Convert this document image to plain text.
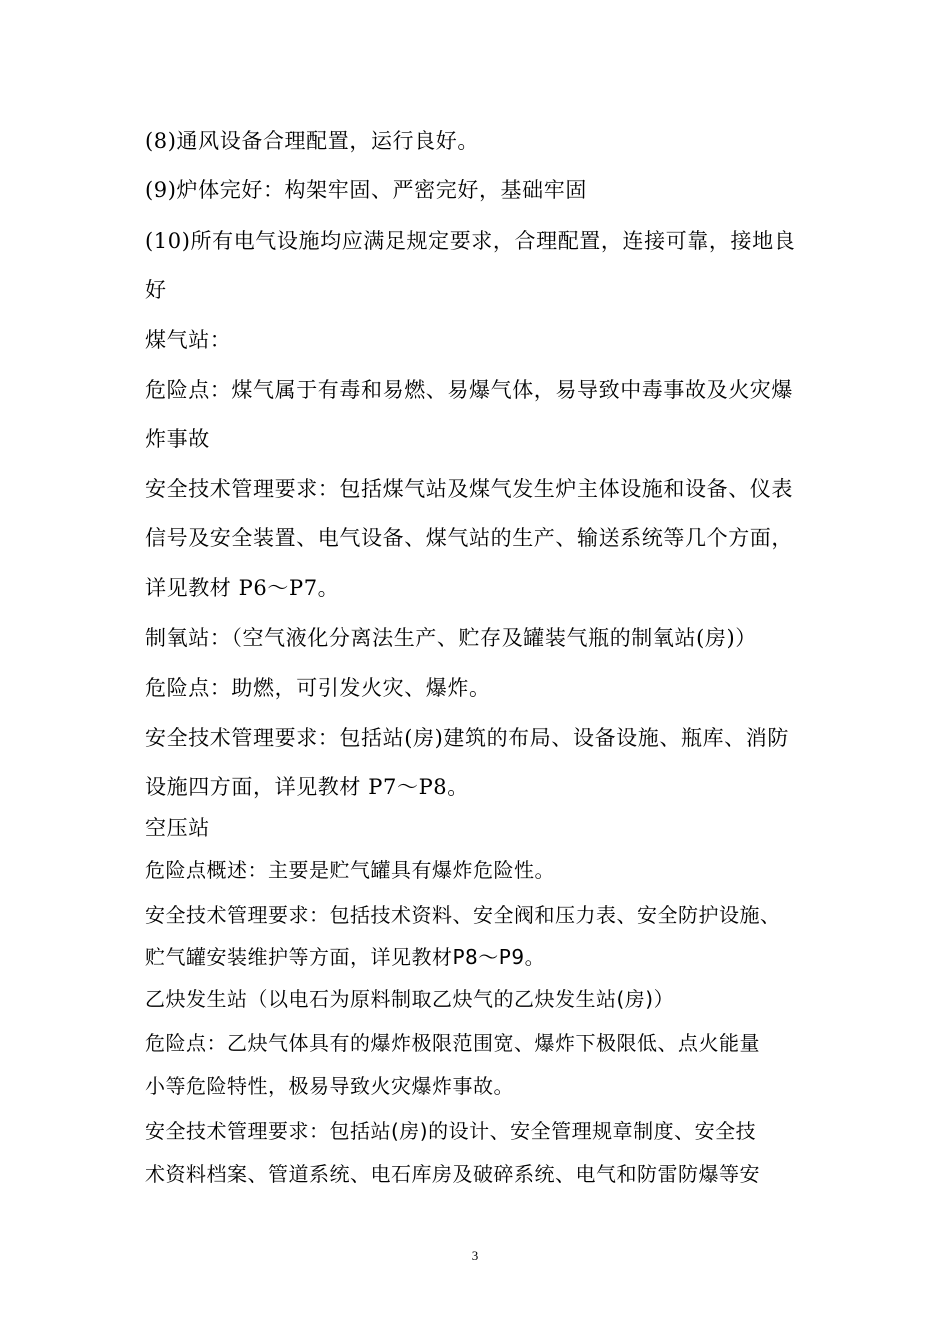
(8)通风设备合理配置，运行良好。
(9)炉体完好：构架牢固、严密完好，基础牢固
(10)所有电气设施均应满足规定要求，合理配置，连接可靠，接地良
好
煤气站：
危险点：煤气属于有毒和易燃、易爆气体，易导致中毒事故及火灾爆
炸事故
安全技术管理要求：包括煤气站及煤气发生炉主体设施和设备、仪表
信号及安全装置、电气设备、煤气站的生产、输送系统等几个方面，
详见教材 P6～P7。
制氧站：（空气液化分离法生产、贮存及罐装气瓶的制氧站(房)）
危险点：助燃，可引发火灾、爆炸。
安全技术管理要求：包括站(房)建筑的布局、设备设施、瓶库、消防
设施四方面，详见教材 P7～P8。
空压站
危险点概述：主要是贮气罐具有爆炸危险性。
安全技术管理要求：包括技术资料、安全阀和压力表、安全防护设施、
贮气罐安装维护等方面，详见教材P8～P9。
乙炔发生站（以电石为原料制取乙炔气的乙炔发生站(房)）
危险点：乙炔气体具有的爆炸极限范围宽、爆炸下极限低、点火能量
小等危险特性，极易导致火灾爆炸事故。
安全技术管理要求：包括站(房)的设计、安全管理规章制度、安全技
术资料档案、管道系统、电石库房及破碎系统、电气和防雷防爆等安
3
